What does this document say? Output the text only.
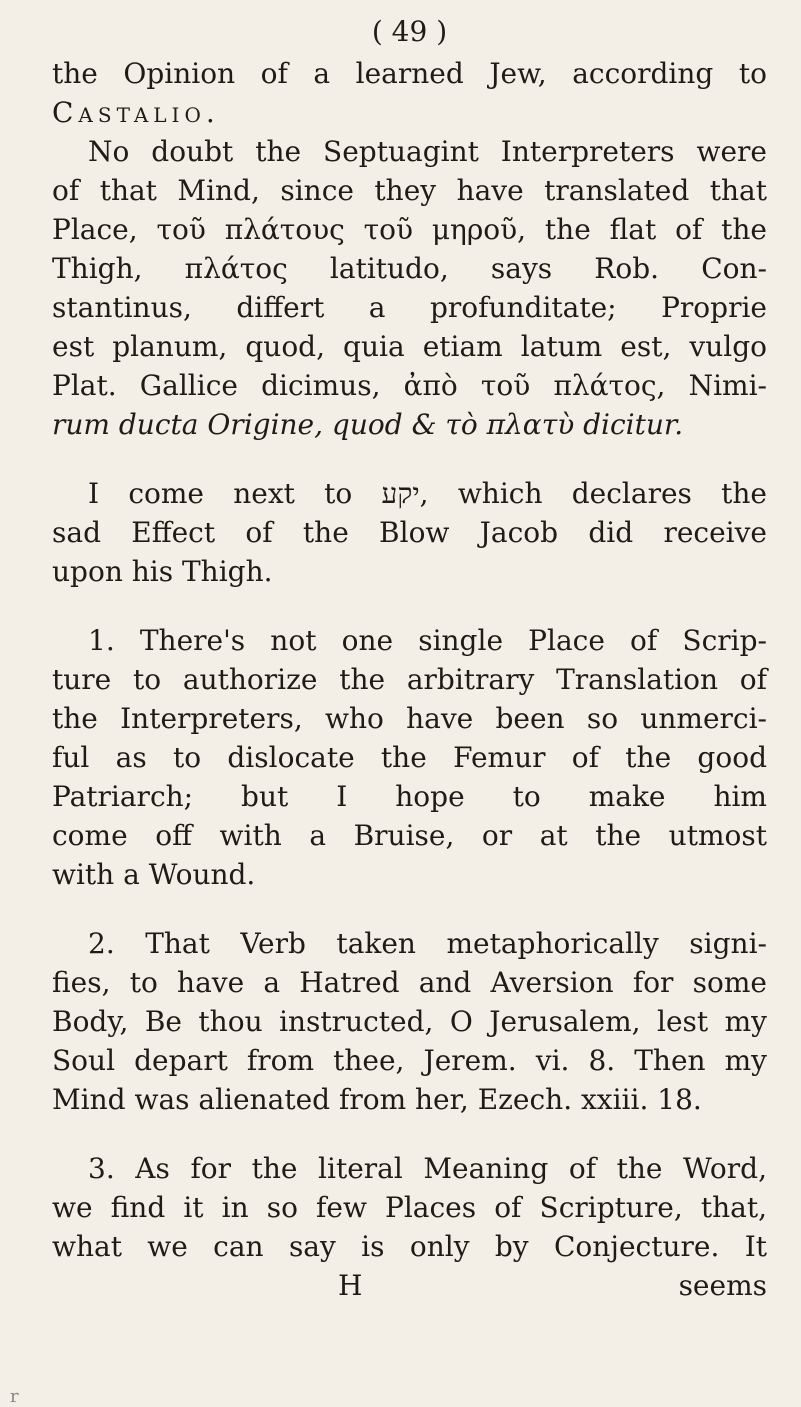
( 49 )

the Opinion of a learned Jew, according to

Castalio.

No doubt the Septuagint Interpreters were

of that Mind, since they have translated that

Place, τοῦ πλάτους τοῦ μηροῦ, the flat of the

Thigh, πλάτος latitudo, says Rob. Con-

stantinus, differt a profunditate; Proprie

est planum, quod, quia etiam latum est, vulgo

Plat. Gallice dicimus, ἀπὸ τοῦ πλάτος, Nimi-

rum ducta Origine, quod & τὸ πλατὺ dicitur.

I come next to יקע, which declares the

sad Effect of the Blow Jacob did receive

upon his Thigh.

1. There's not one single Place of Scrip-

ture to authorize the arbitrary Translation of

the Interpreters, who have been so unmerci-

ful as to dislocate the Femur of the good

Patriarch; but I hope to make him

come off with a Bruise, or at the utmost

with a Wound.

2. That Verb taken metaphorically signi-

fies, to have a Hatred and Aversion for some

Body, Be thou instructed, O Jerusalem, lest my

Soul depart from thee, Jerem. vi. 8. Then my

Mind was alienated from her, Ezech. xxiii. 18.

3. As for the literal Meaning of the Word,

we find it in so few Places of Scripture, that,

what we can say is only by Conjecture. It

H	seems
r
